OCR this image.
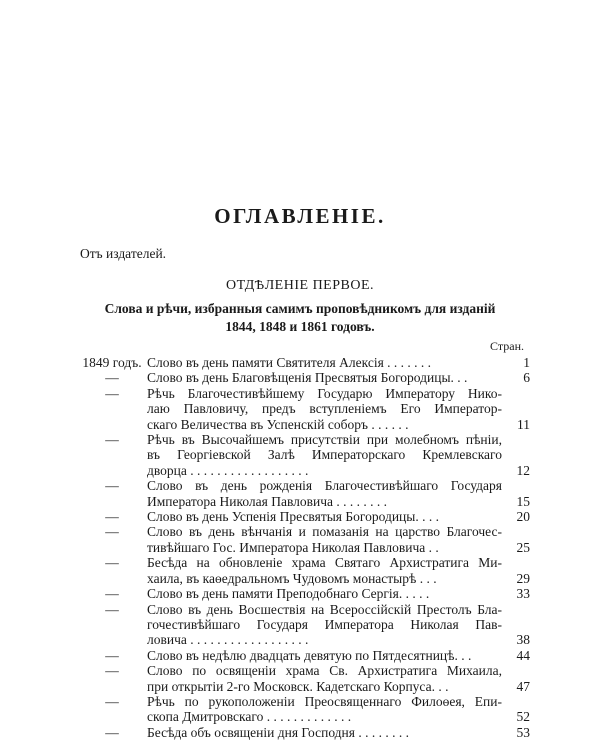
ОГЛАВЛЕНІЕ.
Отъ издателей.
ОТДѢЛЕНІЕ ПЕРВОЕ.
Слова и рѣчи, избранныя самимъ проповѣдникомъ для изданій
1844, 1848 и 1861 годовъ.
Стран.
1849 годъ. Слово въ день памяти Святителя Алексія . . . . . . .	1
—	Слово въ день Благовѣщенія Пресвятыя Богородицы. . .	6
—	Рѣчь Благочестивѣйшему Государю Императору Нико-
лаю Павловичу, предъ вступленіемъ Его Император-
скаго Величества въ Успенскій соборъ . . . . . .	11
—	Рѣчь въ Высочайшемъ присутствіи при молебномъ пѣніи,
въ Георгіевской Залѣ Императорскаго Кремлевскаго
дворца . . . . . . . . . . . . . . . . . .	12
—	Слово въ день рожденія Благочестивѣйшаго Государя
Императора Николая Павловича . . . . . . . .	15
—	Слово въ день Успенія Пресвятыя Богородицы. . . .	20
—	Слово въ день вѣнчанія и помазанія на царство Благочес-
тивѣйшаго Гос. Императора Николая Павловича . .	25
—	Бесѣда на обновленіе храма Святаго Архистратига Ми-
хаила, въ каѳедральномъ Чудовомъ монастырѣ . . .	29
—	Слово въ день памяти Преподобнаго Сергія. . . . .	33
—	Слово въ день Восшествія на Всероссійскій Престолъ Бла-
гочестивѣйшаго Государя Императора Николая Пав-
ловича . . . . . . . . . . . . . . . . . .	38
—	Слово въ недѣлю двадцать девятую по Пятдесятницѣ. . .	44
—	Слово по освященіи храма Св. Архистратига Михаила,
при открытіи 2-го Московск. Кадетскаго Корпуса. . .	47
—	Рѣчь по рукоположеніи Преосвященнаго Филоѳея, Епи-
скопа Дмитровскаго . . . . . . . . . . . . .	52
—	Бесѣда объ освященіи дня Господня . . . . . . . .	53
